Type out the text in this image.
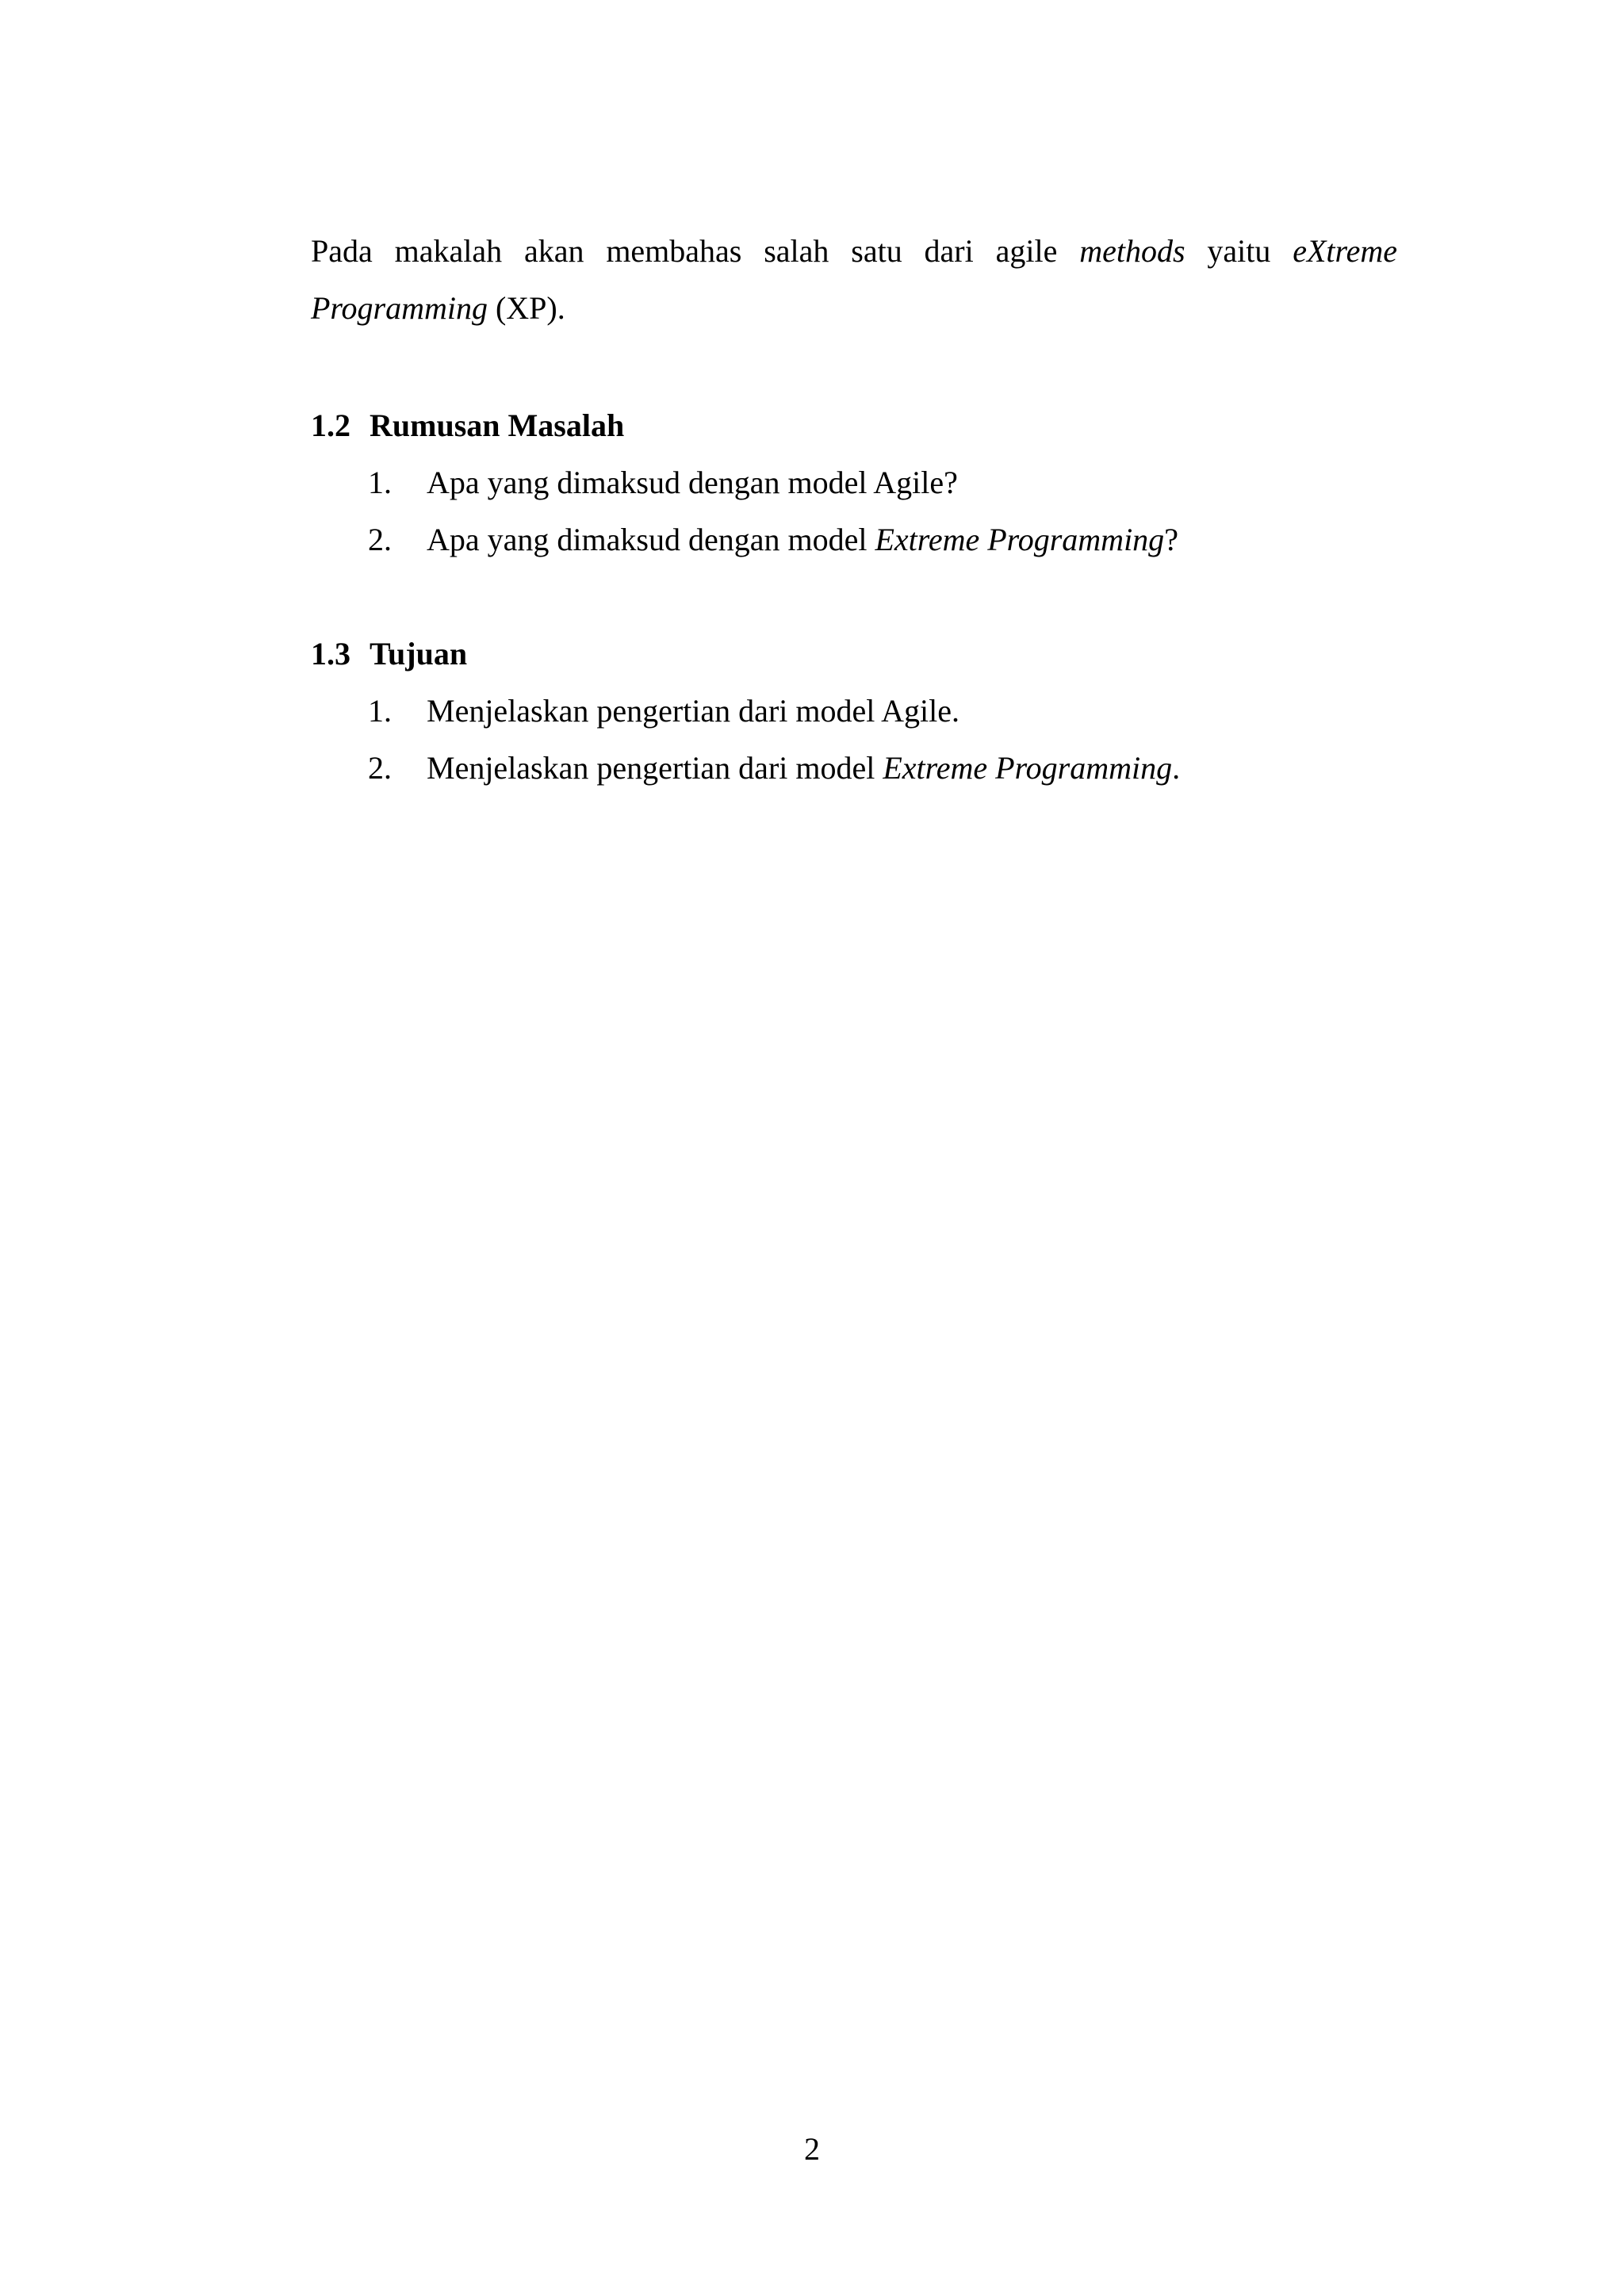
Pada makalah akan membahas salah satu dari agile methods yaitu eXtreme Programming (XP).

1.2 Rumusan Masalah
1. Apa yang dimaksud dengan model Agile?
2. Apa yang dimaksud dengan model Extreme Programming?
1.3 Tujuan
1. Menjelaskan pengertian dari model Agile.
2. Menjelaskan pengertian dari model Extreme Programming.
2
